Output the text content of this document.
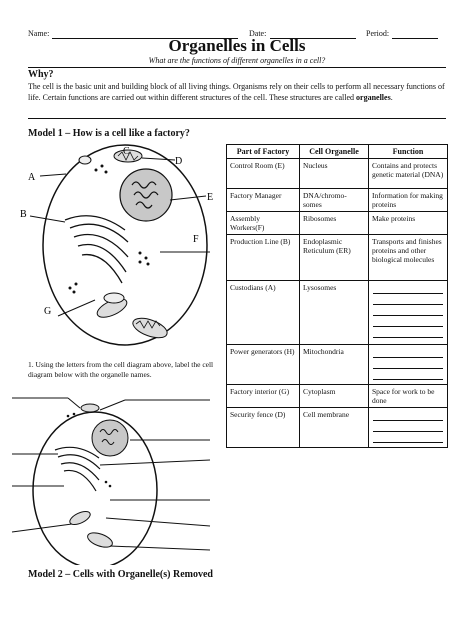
Name:	Date:	Period:
Organelles in Cells
What are the functions of different organelles in a cell?
Why?
The cell is the basic unit and building block of all living things. Organisms rely on their cells to perform all necessary functions of life. Certain functions are carried out within different structures of the cell. These structures are called organelles.
Model 1 – How is a cell like a factory?
A
B
C
D
E
F
G
Part of Factory	Cell Organelle	Function
Control Room (E)	Nucleus	Contains and protects genetic material (DNA)
Factory Manager	DNA/chromo-somes	Information for making proteins
Assembly Workers(F)	Ribosomes	Make proteins
Production Line (B)	Endoplasmic Reticulum (ER)	Transports and finishes proteins and other biological molecules
Custodians (A)	Lysosomes	

Power generators (H)	Mitochondria	

Factory interior (G)	Cytoplasm	Space for work to be done
Security fence (D)	Cell membrane	
1. Using the letters from the cell diagram above, label the cell diagram below with the organelle names.
Model 2 – Cells with Organelle(s) Removed
